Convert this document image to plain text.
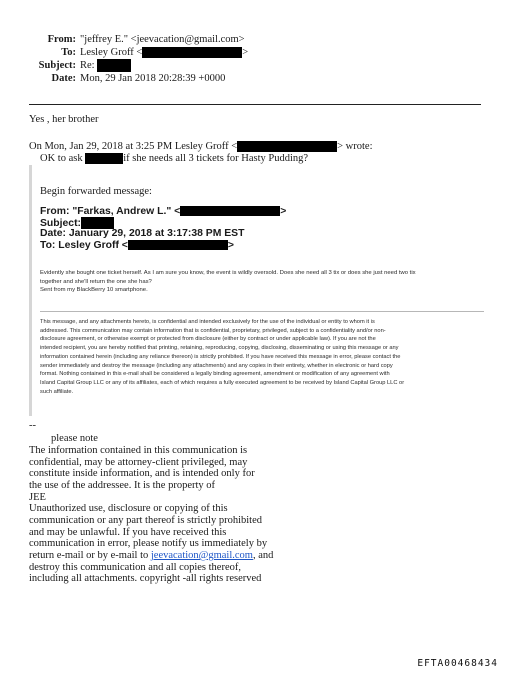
From: "jeffrey E." <jeevacation@gmail.com>
To: Lesley Groff <	>
Subject: Re:
Date: Mon, 29 Jan 2018 20:28:39 +0000
Yes , her brother
On Mon, Jan 29, 2018 at 3:25 PM Lesley Groff <	> wrote:
OK to ask	if she needs all 3 tickets for Hasty Pudding?
Begin forwarded message:
From: "Farkas, Andrew L." <	>
Subject:
Date: January 29, 2018 at 3:17:38 PM EST
To: Lesley Groff <	>
Evidently she bought one ticket herself. As I am sure you know, the event is wildly oversold. Does she need all 3 tix or does she just need two tix
together and she'll return the one she has?
Sent from my BlackBerry 10 smartphone.
This message, and any attachments hereto, is confidential and intended exclusively for the use of the individual or entity to whom it is
addressed. This communication may contain information that is confidential, proprietary, privileged, subject to a confidentiality and/or non-
disclosure agreement, or otherwise exempt or protected from disclosure (either by contract or under applicable law). If you are not the
intended recipient, you are hereby notified that printing, retaining, reproducing, copying, disclosing, disseminating or using this message or any
information contained herein (including any reliance thereon) is strictly prohibited. If you have received this message in error, please contact the
sender immediately and destroy the message (including any attachments) and any copies in their entirety, whether in electronic or hard copy
format. Nothing contained in this e-mail shall be considered a legally binding agreement, amendment or modification of any agreement with
Island Capital Group LLC or any of its affiliates, each of which requires a fully executed agreement to be received by Island Capital Group LLC or
such affiliate.
--
please note
The information contained in this communication is
confidential, may be attorney-client privileged, may
constitute inside information, and is intended only for
the use of the addressee. It is the property of
JEE
Unauthorized use, disclosure or copying of this
communication or any part thereof is strictly prohibited
and may be unlawful. If you have received this
communication in error, please notify us immediately by
return e-mail or by e-mail to jeevacation@gmail.com, and
destroy this communication and all copies thereof,
including all attachments. copyright -all rights reserved
EFTA00468434
